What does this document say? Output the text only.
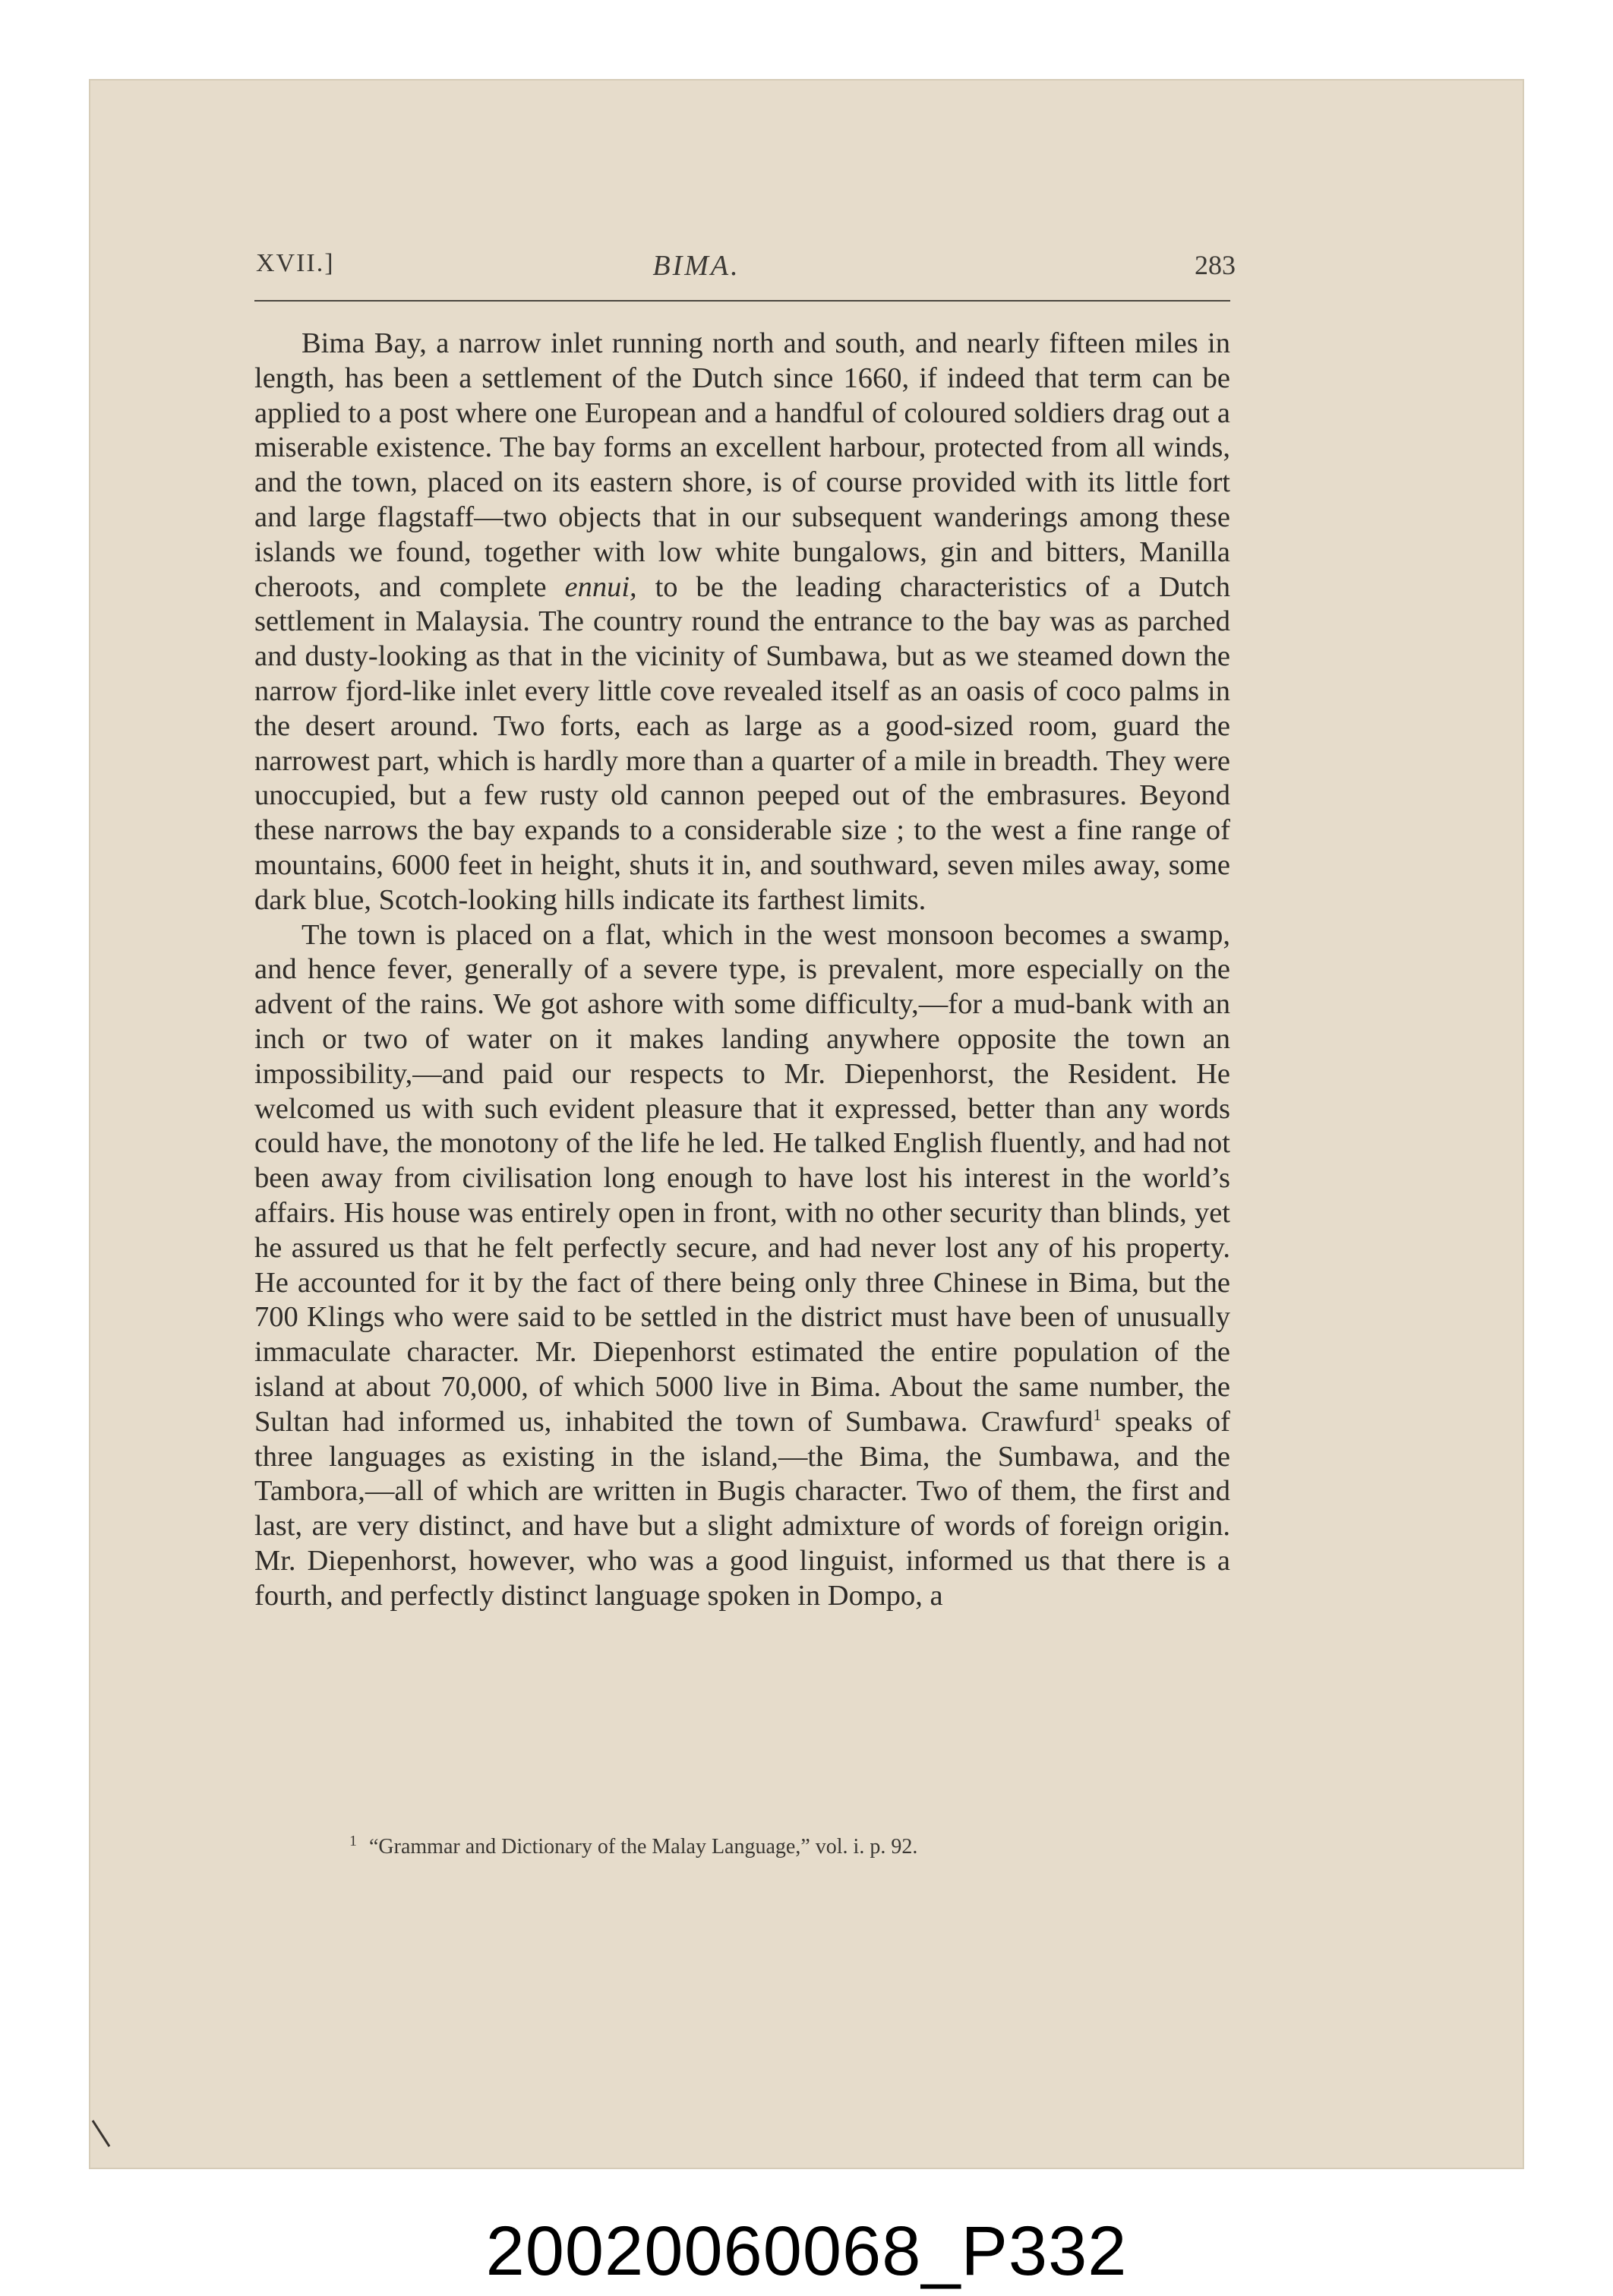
XVII.]	BIMA.	283

Bima Bay, a narrow inlet running north and south, and nearly fifteen miles in length, has been a settlement of the Dutch since 1660, if indeed that term can be applied to a post where one European and a handful of coloured soldiers drag out a miserable existence. The bay forms an excellent harbour, protected from all winds, and the town, placed on its eastern shore, is of course provided with its little fort and large flagstaff—two objects that in our subsequent wanderings among these islands we found, together with low white bungalows, gin and bitters, Manilla cheroots, and complete ennui, to be the leading characteristics of a Dutch settlement in Malaysia. The country round the entrance to the bay was as parched and dusty-looking as that in the vicinity of Sumbawa, but as we steamed down the narrow fjord-like inlet every little cove revealed itself as an oasis of coco palms in the desert around. Two forts, each as large as a good-sized room, guard the narrowest part, which is hardly more than a quarter of a mile in breadth. They were unoccupied, but a few rusty old cannon peeped out of the embrasures. Beyond these narrows the bay expands to a considerable size ; to the west a fine range of mountains, 6000 feet in height, shuts it in, and southward, seven miles away, some dark blue, Scotch-looking hills indicate its farthest limits.

The town is placed on a flat, which in the west monsoon becomes a swamp, and hence fever, generally of a severe type, is prevalent, more especially on the advent of the rains. We got ashore with some difficulty,—for a mud-bank with an inch or two of water on it makes landing anywhere opposite the town an impossibility,—and paid our respects to Mr. Diepenhorst, the Resident. He welcomed us with such evident pleasure that it expressed, better than any words could have, the monotony of the life he led. He talked English fluently, and had not been away from civilisation long enough to have lost his interest in the world’s affairs. His house was entirely open in front, with no other security than blinds, yet he assured us that he felt perfectly secure, and had never lost any of his property. He accounted for it by the fact of there being only three Chinese in Bima, but the 700 Klings who were said to be settled in the district must have been of unusually immaculate character. Mr. Diepenhorst estimated the entire population of the island at about 70,000, of which 5000 live in Bima. About the same number, the Sultan had informed us, inhabited the town of Sumbawa. Crawfurd$^1$ speaks of three languages as existing in the island,—the Bima, the Sumbawa, and the Tambora,—all of which are written in Bugis character. Two of them, the first and last, are very distinct, and have but a slight admixture of words of foreign origin. Mr. Diepenhorst, however, who was a good linguist, informed us that there is a fourth, and perfectly distinct language spoken in Dompo, a

$^1$ “Grammar and Dictionary of the Malay Language,” vol. i. p. 92.
20020060068_P332
